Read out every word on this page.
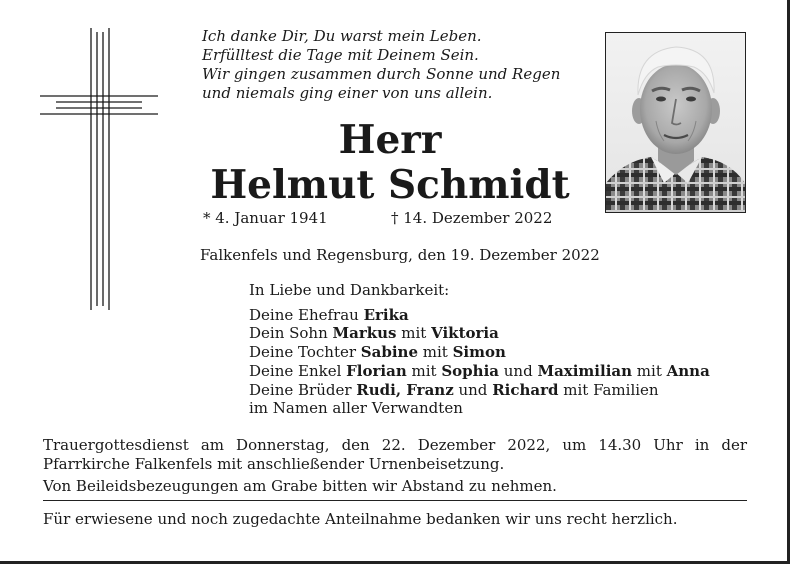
Ich danke Dir, Du warst mein Leben.
Erfülltest die Tage mit Deinem Sein.
Wir gingen zusammen durch Sonne und Regen
und niemals ging einer von uns allein.
Herr
Helmut Schmidt
* 4. Januar 1941	† 14. Dezember 2022
Falkenfels und Regensburg, den 19. Dezember 2022
In Liebe und Dankbarkeit:
Deine Ehefrau Erika
Dein Sohn Markus mit Viktoria
Deine Tochter Sabine mit Simon
Deine Enkel Florian mit Sophia und Maximilian mit Anna
Deine Brüder Rudi, Franz und Richard mit Familien
im Namen aller Verwandten

Trauergottesdienst am Donnerstag, den 22. Dezember 2022, um 14.30 Uhr in der Pfarrkirche Falkenfels mit anschließender Urnenbeisetzung.

Von Beileidsbezeugungen am Grabe bitten wir Abstand zu nehmen.
Für erwiesene und noch zugedachte Anteilnahme bedanken wir uns recht herzlich.
